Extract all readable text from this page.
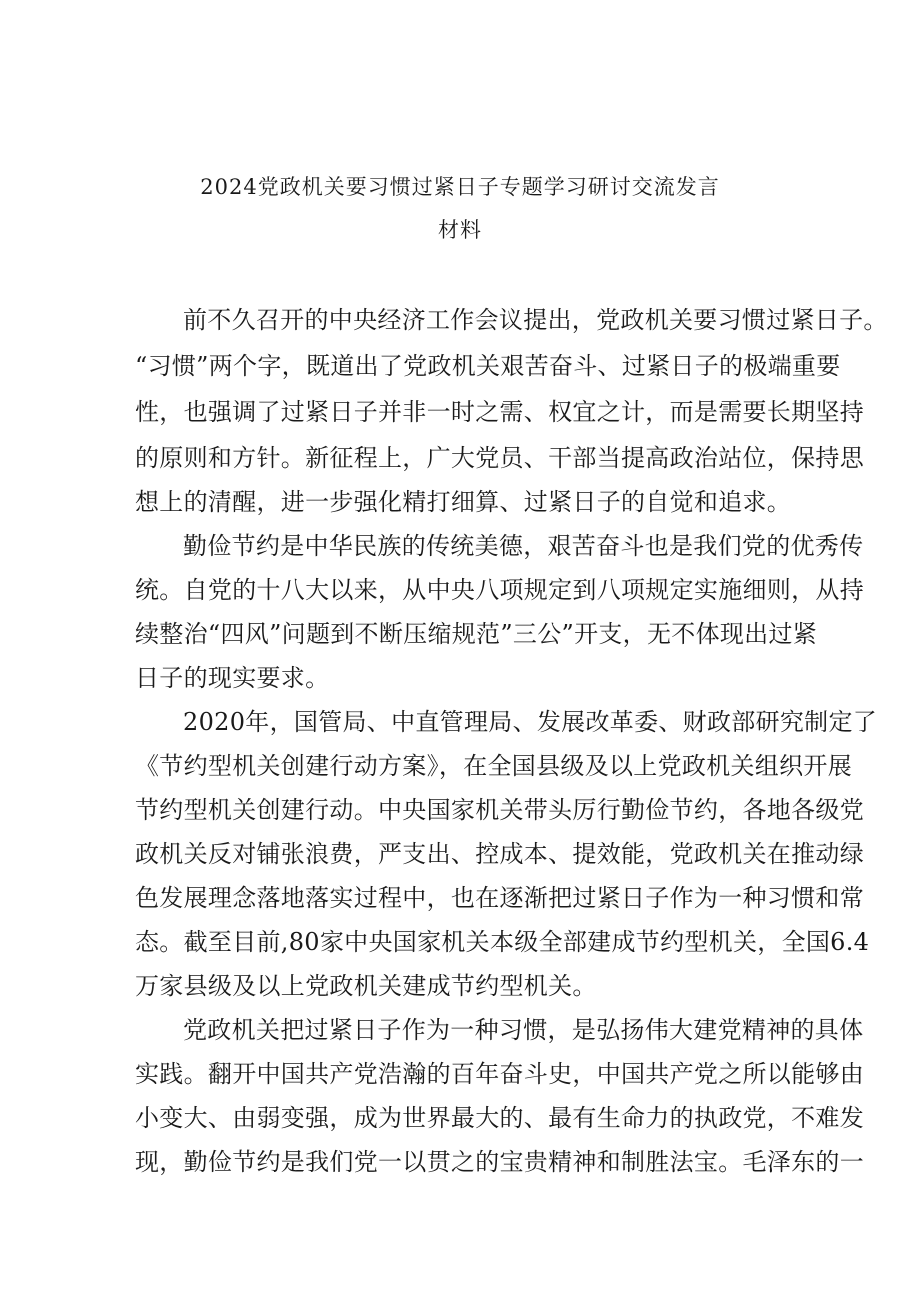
2024党政机关要习惯过紧日子专题学习研讨交流发言
材料
前不久召开的中央经济工作会议提出，党政机关要习惯过紧日子。
“习惯”两个字，既道出了党政机关艰苦奋斗、过紧日子的极端重要
性，也强调了过紧日子并非一时之需、权宜之计，而是需要长期坚持
的原则和方针。新征程上，广大党员、干部当提高政治站位，保持思
想上的清醒，进一步强化精打细算、过紧日子的自觉和追求。
勤俭节约是中华民族的传统美德，艰苦奋斗也是我们党的优秀传
统。自党的十八大以来，从中央八项规定到八项规定实施细则，从持
续整治“四风”问题到不断压缩规范”三公”开支，无不体现出过紧
日子的现实要求。
2020年，国管局、中直管理局、发展改革委、财政部研究制定了
《节约型机关创建行动方案》，在全国县级及以上党政机关组织开展
节约型机关创建行动。中央国家机关带头厉行勤俭节约，各地各级党
政机关反对铺张浪费，严支出、控成本、提效能，党政机关在推动绿
色发展理念落地落实过程中，也在逐渐把过紧日子作为一种习惯和常
态。截至目前,80家中央国家机关本级全部建成节约型机关，全国6.4
万家县级及以上党政机关建成节约型机关。
党政机关把过紧日子作为一种习惯，是弘扬伟大建党精神的具体
实践。翻开中国共产党浩瀚的百年奋斗史，中国共产党之所以能够由
小变大、由弱变强，成为世界最大的、最有生命力的执政党，不难发
现，勤俭节约是我们党一以贯之的宝贵精神和制胜法宝。毛泽东的一
